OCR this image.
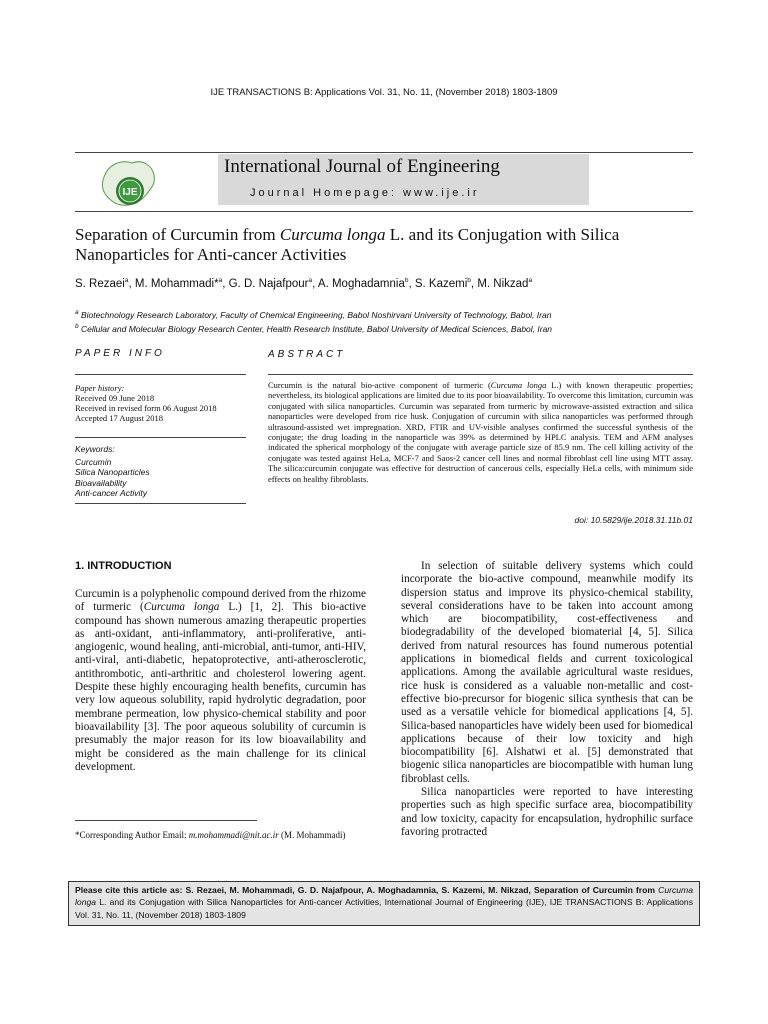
IJE TRANSACTIONS B: Applications Vol. 31, No. 11, (November 2018) 1803-1809
IJE
International Journal of Engineering
Journal Homepage: www.ije.ir
Separation of Curcumin from Curcuma longa L. and its Conjugation with Silica Nanoparticles for Anti-cancer Activities
S. Rezaei$^a$, M. Mohammadi*$^a$, G. D. Najafpour$^a$, A. Moghadamnia$^b$, S. Kazemi$^b$, M. Nikzad$^a$
$^a$ Biotechnology Research Laboratory, Faculty of Chemical Engineering, Babol Noshirvani University of Technology, Babol, Iran
$^b$ Cellular and Molecular Biology Research Center, Health Research Institute, Babol University of Medical Sciences, Babol, Iran
PAPER INFO	ABSTRACT
Paper history:
Received 09 June 2018
Received in revised form 06 August 2018
Accepted 17 August 2018
Keywords:
Curcumin
Silica Nanoparticles
Bioavailability
Anti-cancer Activity
Curcumin is the natural bio-active component of turmeric (Curcuma longa L.) with known therapeutic properties; nevertheless, its biological applications are limited due to its poor bioavailability. To overcome this limitation, curcumin was conjugated with silica nanoparticles. Curcumin was separated from turmeric by microwave-assisted extraction and silica nanoparticles were developed from rice husk. Conjugation of curcumin with silica nanoparticles was performed through ultrasound-assisted wet impregnation. XRD, FTIR and UV-visible analyses confirmed the successful synthesis of the conjugate; the drug loading in the nanoparticle was 39% as determined by HPLC analysis. TEM and AFM analyses indicated the spherical morphology of the conjugate with average particle size of 85.9 nm. The cell killing activity of the conjugate was tested against HeLa, MCF-7 and Saos-2 cancer cell lines and normal fibroblast cell line using MTT assay. The silica:curcumin conjugate was effective for destruction of cancerous cells, especially HeLa cells, with minimum side effects on healthy fibroblasts.
doi: 10.5829/ije.2018.31.11b.01
1. INTRODUCTION

Curcumin is a polyphenolic compound derived from the rhizome of turmeric (Curcuma longa L.) [1, 2]. This bio-active compound has shown numerous amazing therapeutic properties as anti-oxidant, anti-inflammatory, anti-proliferative, anti-angiogenic, wound healing, anti-microbial, anti-tumor, anti-HIV, anti-viral, anti-diabetic, hepatoprotective, anti-atherosclerotic, antithrombotic, anti-arthritic and cholesterol lowering agent. Despite these highly encouraging health benefits, curcumin has very low aqueous solubility, rapid hydrolytic degradation, poor membrane permeation, low physico-chemical stability and poor bioavailability [3]. The poor aqueous solubility of curcumin is presumably the major reason for its low bioavailability and might be considered as the main challenge for its clinical development.

*Corresponding Author Email: m.mohammadi@nit.ac.ir (M. Mohammadi)

In selection of suitable delivery systems which could incorporate the bio-active compound, meanwhile modify its dispersion status and improve its physico-chemical stability, several considerations have to be taken into account among which are biocompatibility, cost-effectiveness and biodegradability of the developed biomaterial [4, 5]. Silica derived from natural resources has found numerous potential applications in biomedical fields and current toxicological applications. Among the available agricultural waste residues, rice husk is considered as a valuable non-metallic and cost-effective bio-precursor for biogenic silica synthesis that can be used as a versatile vehicle for biomedical applications [4, 5]. Silica-based nanoparticles have widely been used for biomedical applications because of their low toxicity and high biocompatibility [6]. Alshatwi et al. [5] demonstrated that biogenic silica nanoparticles are biocompatible with human lung fibroblast cells.

Silica nanoparticles were reported to have interesting properties such as high specific surface area, biocompatibility and low toxicity, capacity for encapsulation, hydrophilic surface favoring protracted

Please cite this article as: S. Rezaei, M. Mohammadi, G. D. Najafpour, A. Moghadamnia, S. Kazemi, M. Nikzad, Separation of Curcumin from Curcuma longa L. and its Conjugation with Silica Nanoparticles for Anti-cancer Activities, International Journal of Engineering (IJE), IJE TRANSACTIONS B: Applications Vol. 31, No. 11, (November 2018) 1803-1809
